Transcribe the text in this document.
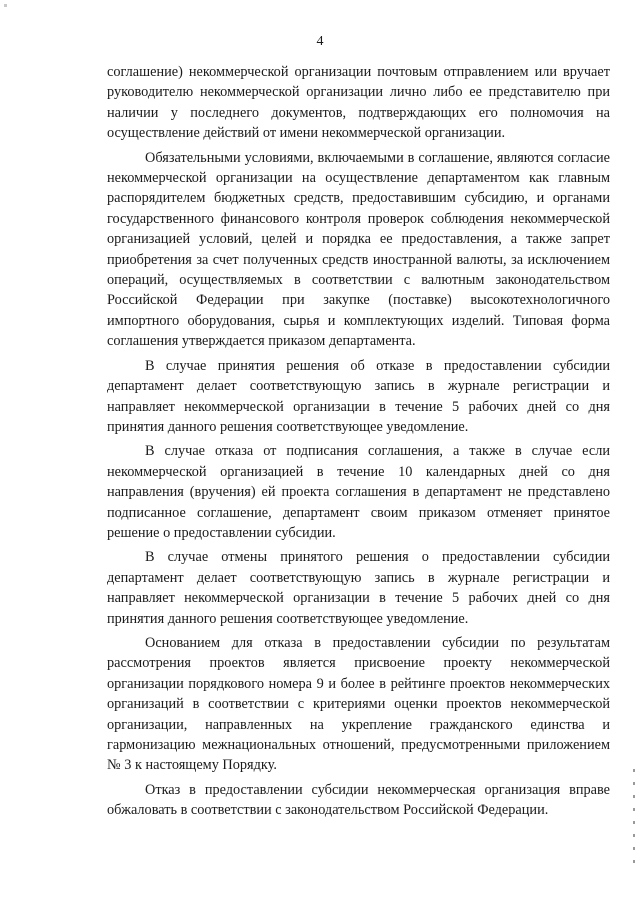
4

соглашение) некоммерческой организации почтовым отправлением или вручает руководителю некоммерческой организации лично либо ее представителю при наличии у последнего документов, подтверждающих его полномочия на осуществление действий от имени некоммерческой организации.

Обязательными условиями, включаемыми в соглашение, являются согласие некоммерческой организации на осуществление департаментом как главным распорядителем бюджетных средств, предоставившим субсидию, и органами государственного финансового контроля проверок соблюдения некоммерческой организацией условий, целей и порядка ее предоставления, а также запрет приобретения за счет полученных средств иностранной валюты, за исключением операций, осуществляемых в соответствии с валютным законодательством Российской Федерации при закупке (поставке) высокотехнологичного импортного оборудования, сырья и комплектующих изделий. Типовая форма соглашения утверждается приказом департамента.

В случае принятия решения об отказе в предоставлении субсидии департамент делает соответствующую запись в журнале регистрации и направляет некоммерческой организации в течение 5 рабочих дней со дня принятия данного решения соответствующее уведомление.

В случае отказа от подписания соглашения, а также в случае если некоммерческой организацией в течение 10 календарных дней со дня направления (вручения) ей проекта соглашения в департамент не представлено подписанное соглашение, департамент своим приказом отменяет принятое решение о предоставлении субсидии.

В случае отмены принятого решения о предоставлении субсидии департамент делает соответствующую запись в журнале регистрации и направляет некоммерческой организации в течение 5 рабочих дней со дня принятия данного решения соответствующее уведомление.

Основанием для отказа в предоставлении субсидии по результатам рассмотрения проектов является присвоение проекту некоммерческой организации порядкового номера 9 и более в рейтинге проектов некоммерческих организаций в соответствии с критериями оценки проектов некоммерческой организации, направленных на укрепление гражданского единства и гармонизацию межнациональных отношений, предусмотренными приложением № 3 к настоящему Порядку.

Отказ в предоставлении субсидии некоммерческая организация вправе обжаловать в соответствии с законодательством Российской Федерации.
